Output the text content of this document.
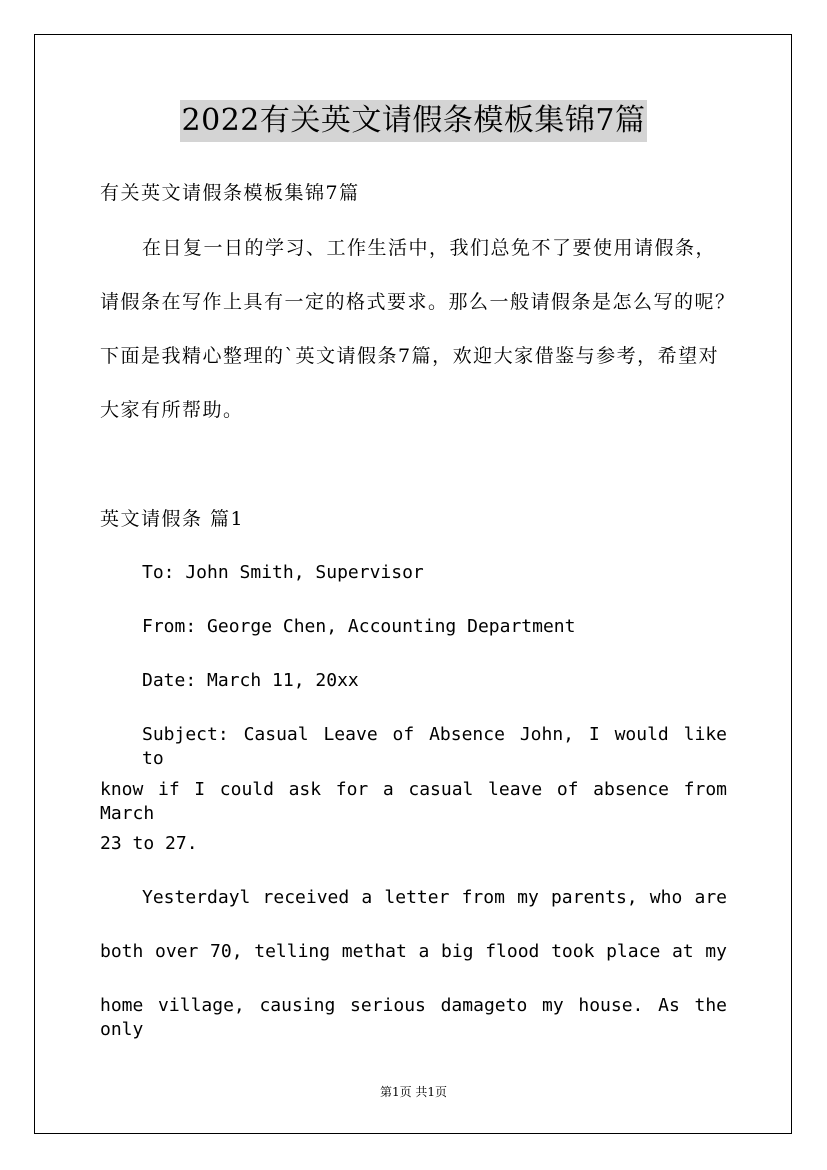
2022有关英文请假条模板集锦7篇
有关英文请假条模板集锦7篇
在日复一日的学习、工作生活中，我们总免不了要使用请假条，
请假条在写作上具有一定的格式要求。那么一般请假条是怎么写的呢？
下面是我精心整理的`英文请假条7篇，欢迎大家借鉴与参考，希望对
大家有所帮助。
英文请假条 篇1
To: John Smith, Supervisor
From: George Chen, Accounting Department
Date: March 11, 20xx
Subject: Casual Leave of Absence John, I would like to
know if I could ask for a casual leave of absence from March
23 to 27.
Yesterdayl received a letter from my parents, who are
both over 70, telling methat a big flood took place at my
home village, causing serious damageto my house. As the only
第1页 共1页
